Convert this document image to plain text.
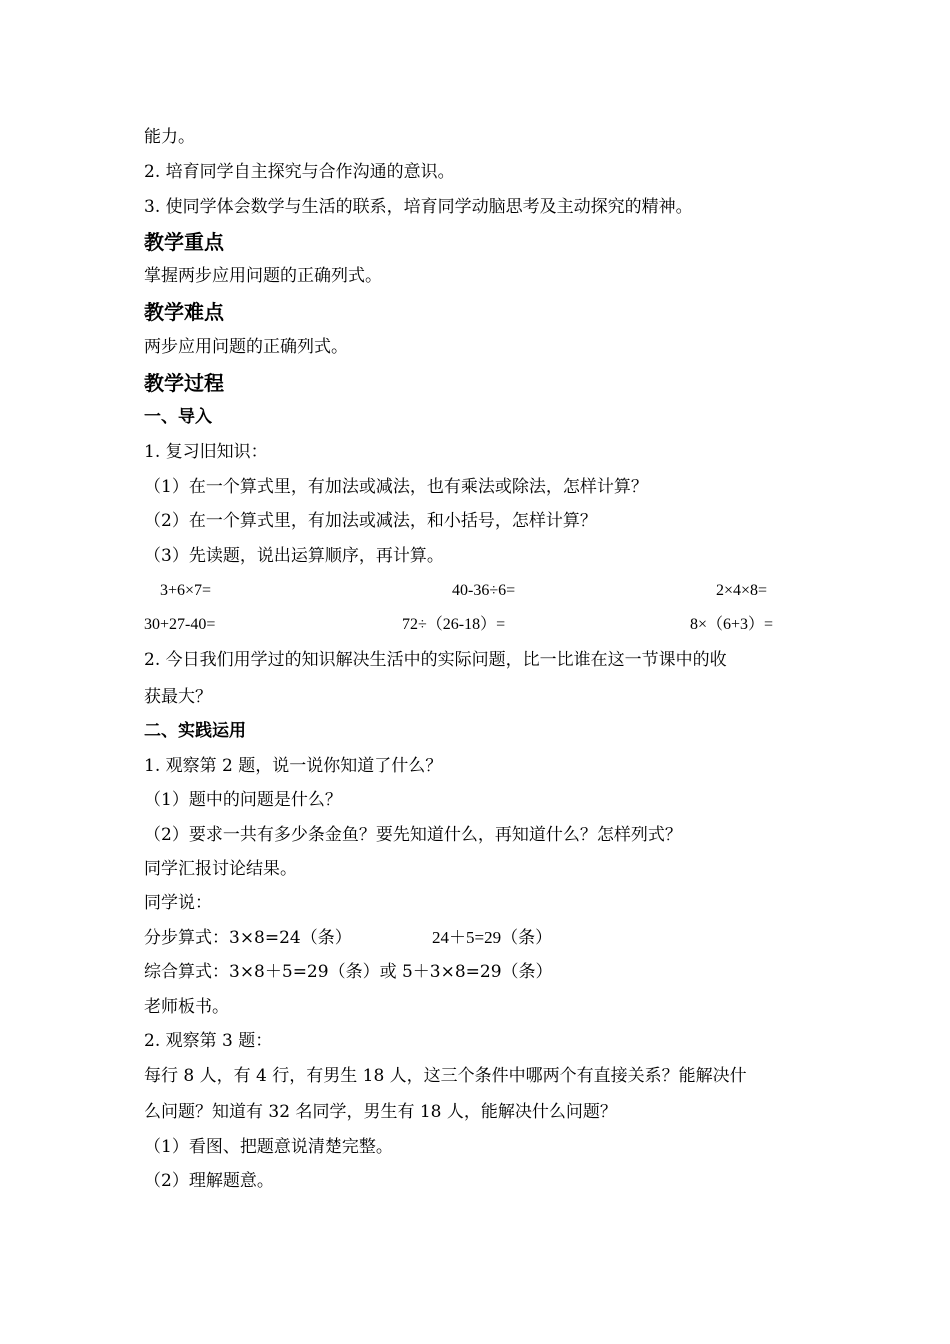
能力。
2. 培育同学自主探究与合作沟通的意识。
3. 使同学体会数学与生活的联系，培育同学动脑思考及主动探究的精神。
教学重点
掌握两步应用问题的正确列式。
教学难点
两步应用问题的正确列式。
教学过程
一、导入
1. 复习旧知识：
（1）在一个算式里，有加法或减法，也有乘法或除法，怎样计算？
（2）在一个算式里，有加法或减法，和小括号，怎样计算？
（3）先读题，说出运算顺序，再计算。
3+6×7=	40-36÷6=	2×4×8=
30+27-40=	72÷（26-18）=	8×（6+3）=
2. 今日我们用学过的知识解决生活中的实际问题，比一比谁在这一节课中的收
获最大？
二、实践运用
1. 观察第 2 题，说一说你知道了什么？
（1）题中的问题是什么？
（2）要求一共有多少条金鱼？要先知道什么，再知道什么？怎样列式？
同学汇报讨论结果。
同学说：
分步算式：3×8=24（条）	24＋5=29（条）
综合算式：3×8＋5=29（条）或 5＋3×8=29（条）
老师板书。
2. 观察第 3 题：
每行 8 人，有 4 行，有男生 18 人，这三个条件中哪两个有直接关系？能解决什
么问题？知道有 32 名同学，男生有 18 人，能解决什么问题？
（1）看图、把题意说清楚完整。
（2）理解题意。
